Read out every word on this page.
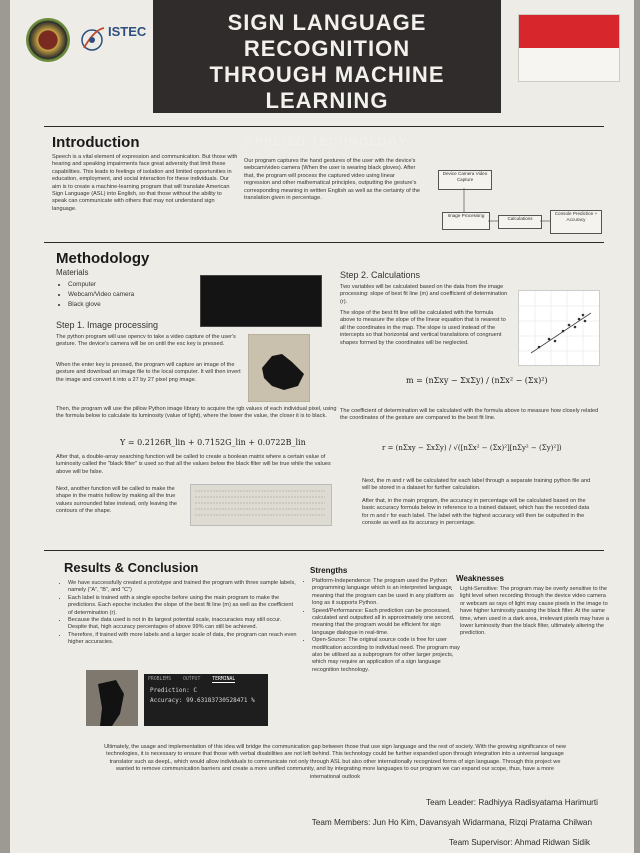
ISTEC	SIGN LANGUAGE RECOGNITION
THROUGH MACHINE LEARNING
APPLIED TECHNOLOGY
Introduction
Speech is a vital element of expression and communication. But those with hearing and speaking impairments face great adversity that limit these capabilities. This leads to feelings of isolation and limited opportunities in education, employment, and social interaction for these individuals. Our aim is to create a machine-learning program that will translate American Sign Language (ASL) into English, so that those without the ability to speak can communicate with others that may not understand sign language.
Our program captures the hand gestures of the user with the device's webcam/video camera (When the user is wearing black gloves). After that, the program will process the captured video using linear regression and other mathematical principles, outputting the gesture's corresponding meaning in written English as well as the certainty of the translation given in percentage.
Device Camera Video Capture
Image Processing
Calculations
Console Prediction + Accuracy
Methodology
Materials
• Computer
• Webcam/Video camera
• Black glove
Step 1. Image processing
The python program will use opencv to take a video capture of the user's gesture. The device's camera will be on until the esc key is pressed.
When the enter key is pressed, the program will capture an image of the gesture and download an image file to the local computer. It will then invert the image and convert it into a 27 by 27 pixel png image.
Then, the program will use the pillow Python image library to acquire the rgb values of each individual pixel, using the formula below to calculate its luminosity (value of light), where the lower the value, the closer it is to black.
Y = 0.2126R_lin + 0.7152G_lin + 0.0722B_lin
After that, a double-array searching function will be called to create a boolean matrix where a certain value of luminosity called the "black filter" is used so that all the values below the black filter will be true while the values above will be false.
Next, another function will be called to make the shape in the matrix hollow by making all the true values surrounded false instead, only leaving the contours of the shape.
Step 2. Calculations
Two variables will be calculated based on the data from the image processing: slope of best fit line (m) and coefficient of determination (r).
The slope of the best fit line will be calculated with the formula above to measure the slope of the linear equation that is nearest to all the coordinates in the map. The slope is used instead of the intercepts so that horizontal and vertical translations of congruent shapes formed by the coordinates will be neglected.
m = (nΣxy − ΣxΣy) / (nΣx² − (Σx)²)
The coefficient of determination will be calculated with the formula above to measure how closely related the coordinates of the gesture are compared to the best fit line.
r = (nΣxy − ΣxΣy) / √([nΣx² − (Σx)²][nΣy² − (Σy)²])
Next, the m and r will be calculated for each label through a separate training python file and will be stored in a dataset for further calculation.
After that, in the main program, the accuracy in percentage will be calculated based on the basic accuracy formula below in reference to a trained dataset, which has the recorded data for m and r for each label. The label with the highest accuracy will then be outputted in the console as well as its accuracy in percentage.
Results & Conclusion
• We have successfully created a prototype and trained the program with three sample labels, namely ("A", "B", and "C")
• Each label is trained with a single epoche before using the main program to make the predictions. Each epoche includes the slope of the best fit line (m) as well as the coefficient of determination (r).
• Because the data used is not in its largest potential scale, inaccuracies may still occur. Despite that, high accuracy percentages of above 99% can still be achieved.
• Therefore, if trained with more labels and a larger scale of data, the program can reach even higher accuracies.
PROBLEMS OUTPUT TERMINAL
Prediction: C
Accuracy: 99.63183730528471 %
Strengths
• Platform-Independence: The program used the Python programming language which is an interpreted language meaning that the program can be used in any platform as long as it supports Python.
• Speed/Performance: Each prediction can be processed, calculated and outputted all in approximately one second, meaning that the program would be efficient for sign language dialogue in real-time.
• Open-Source: The original source code is free for user modification according to individual need. The program may also be utilised as a subprogram for other larger projects, which may require an application of a sign language recognition technology.
Weaknesses
• Light-Sensitive: The program may be overly sensitive to the light level when recording through the device video camera or webcam as rays of light may cause pixels in the image to have higher luminosity passing the black filter. At the same time, when used in a dark area, irrelevant pixels may have a lower luminosity than the black filter, ultimately altering the prediction.
Ultimately, the usage and implementation of this idea will bridge the communication gap between those that use sign language and the rest of society. With the growing significance of new technologies, it is necessary to ensure that those with verbal disabilities are not left behind. This technology could be further expanded upon through integration into a universal language translator such as deepL, which would allow individuals to communicate not only through ASL but also other internationally recognized forms of sign language. Through this project we wanted to remove communication barriers and create a more unified community, and by integrating more languages to our program we can expand our scope, thus, have a more international outlook
Team Leader: Radhiyya Radisyatama Harimurti
Team Members: Jun Ho Kim, Davansyah Widarmana, Rizqi Pratama Chilwan
Team Supervisor: Ahmad Ridwan Sidik
